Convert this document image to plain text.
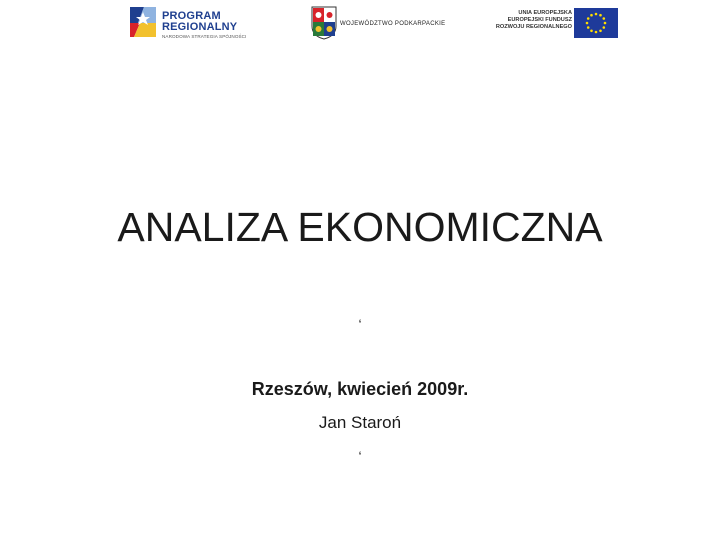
PROGRAM
REGIONALNY
NARODOWA STRATEGIA SPÓJNOŚCI
WOJEWÓDZTWO PODKARPACKIE
UNIA EUROPEJSKA
EUROPEJSKI FUNDUSZ
ROZWOJU REGIONALNEGO
ANALIZA EKONOMICZNA
‘
Rzeszów, kwiecień 2009r.
Jan Staroń
‘
